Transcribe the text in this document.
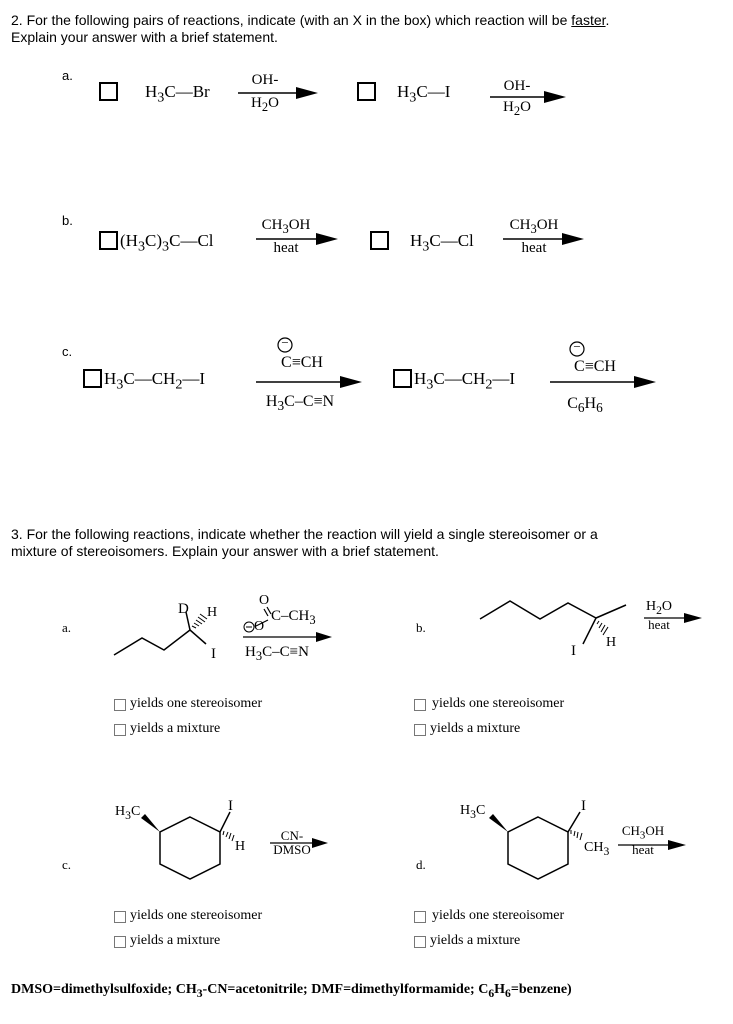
2. For the following pairs of reactions, indicate (with an X in the box) which reaction will be faster.
Explain your answer with a brief statement.
a.
$H_3C—Br$
OH-
$H_2O$
$H_3C—I$	OH-
$H_2O$
b.
$(H_3C)_3C—Cl$
$CH_3OH$
heat	$H_3C—Cl$
$CH_3OH$
heat
c.
$H_3C—CH_2—I$
−
C≡CH
$H_3C-C\equiv N$
$H_3C—CH_2—I$
−
C≡CH
$C_6H_6$
3. For the following reactions, indicate whether the reaction will yield a single stereoisomer or a
mixture of stereoisomers. Explain your answer with a brief statement.
a.
D H
I
O
$C-CH_3$
O
$H_3C-C\equiv N$
yields one stereoisomer
yields a mixture
b.
I
H
$H_2O$
heat
yields one stereoisomer
yields a mixture
c.
$H_3C$	I
H
CN-
DMSO
yields one stereoisomer
yields a mixture
d.
$H_3C$	I
$CH_3$
$CH_3OH$
heat
yields one stereoisomer
yields a mixture
DMSO=dimethylsulfoxide; $CH_3-CN=acetonitrile$; DMF=dimethylformamide; $C_6H_6=benzene$)
